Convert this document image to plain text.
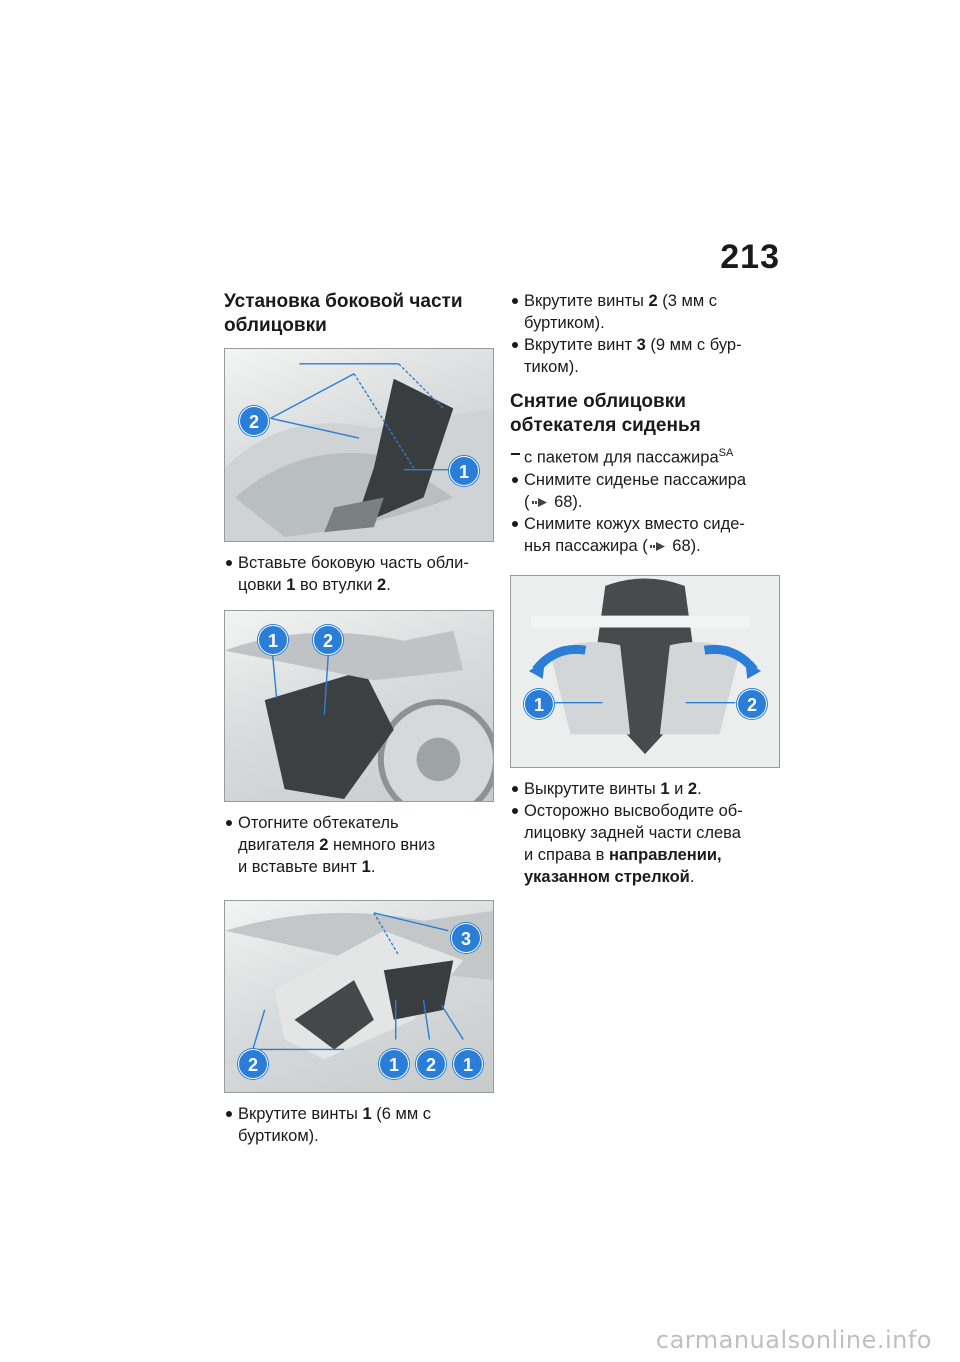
213
Установка боковой части
облицовки
2
1
Вставьте боковую часть обли-
цовки 1 во втулки 2.
1	2
Отогните обтекатель
двигателя 2 немного вниз
и вставьте винт 1.
3
2	1	2	1
Вкрутите винты 1 (6 мм с
буртиком).
Вкрутите винты 2 (3 мм с
буртиком).
Вкрутите винт 3 (9 мм с бур-
тиком).
Снятие облицовки
обтекателя сиденья
с пакетом для пассажира$^{SA}$
Снимите сиденье пассажира
( 68).
Снимите кожух вместо сиде-
нья пассажира ( 68).
1	2
Выкрутите винты 1 и 2.
Осторожно высвободите об-
лицовку задней части слева
и справа в направлении,
указанном стрелкой.
carmanualsonline.info
